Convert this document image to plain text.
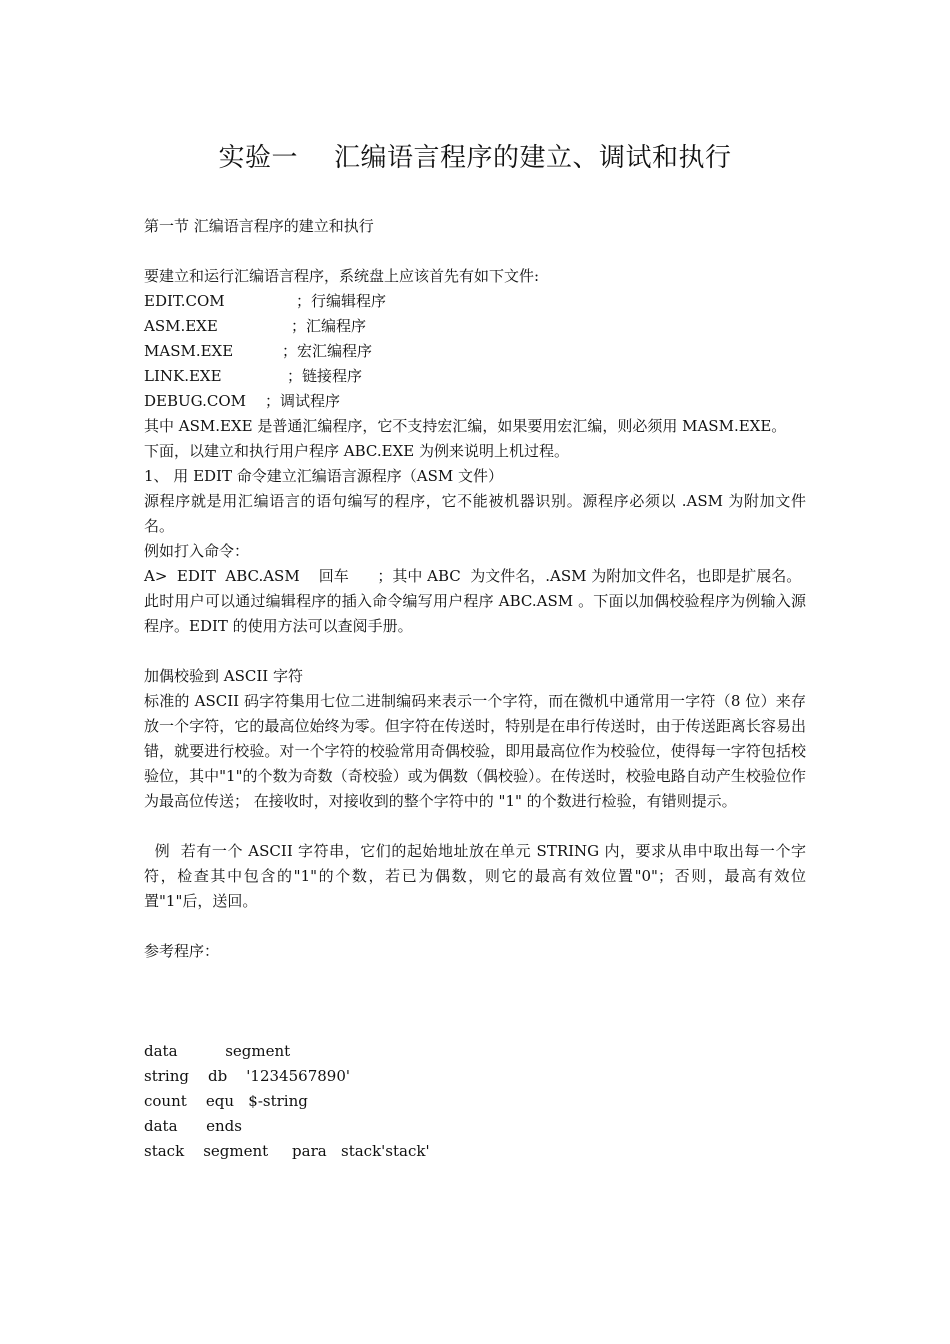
实验一 汇编语言程序的建立、调试和执行

第一节 汇编语言程序的建立和执行

要建立和运行汇编语言程序，系统盘上应该首先有如下文件:

EDIT.COM	；行编辑程序

ASM.EXE	；汇编程序

MASM.EXE	；宏汇编程序

LINK.EXE	；链接程序

DEBUG.COM ；调试程序

其中 ASM.EXE 是普通汇编程序，它不支持宏汇编，如果要用宏汇编，则必须用 MASM.EXE。

下面，以建立和执行用户程序 ABC.EXE 为例来说明上机过程。

1、 用 EDIT 命令建立汇编语言源程序（ASM 文件）

源程序就是用汇编语言的语句编写的程序，它不能被机器识别。源程序必须以 .ASM 为附加文件名。

例如打入命令：

A>  EDIT  ABC.ASM    回车      ；其中 ABC  为文件名，.ASM 为附加文件名，也即是扩展名。

此时用户可以通过编辑程序的插入命令编写用户程序 ABC.ASM 。下面以加偶校验程序为例输入源程序。EDIT 的使用方法可以查阅手册。

加偶校验到 ASCII 字符

标准的 ASCII 码字符集用七位二进制编码来表示一个字符，而在微机中通常用一字符（8 位）来存放一个字符，它的最高位始终为零。但字符在传送时，特别是在串行传送时，由于传送距离长容易出错，就要进行校验。对一个字符的校验常用奇偶校验，即用最高位作为校验位，使得每一字符包括校验位，其中"1"的个数为奇数（奇校验）或为偶数（偶校验）。在传送时，校验电路自动产生校验位作为最高位传送； 在接收时，对接收到的整个字符中的 "1" 的个数进行检验，有错则提示。

例  若有一个 ASCII 字符串，它们的起始地址放在单元 STRING 内，要求从串中取出每一个字符，检查其中包含的"1"的个数，若已为偶数，则它的最高有效位置"0"；否则，最高有效位置"1"后，送回。

参考程序：

data          segment

string    db    '1234567890'

count    equ   $-string

data      ends

stack    segment     para   stack'stack'
